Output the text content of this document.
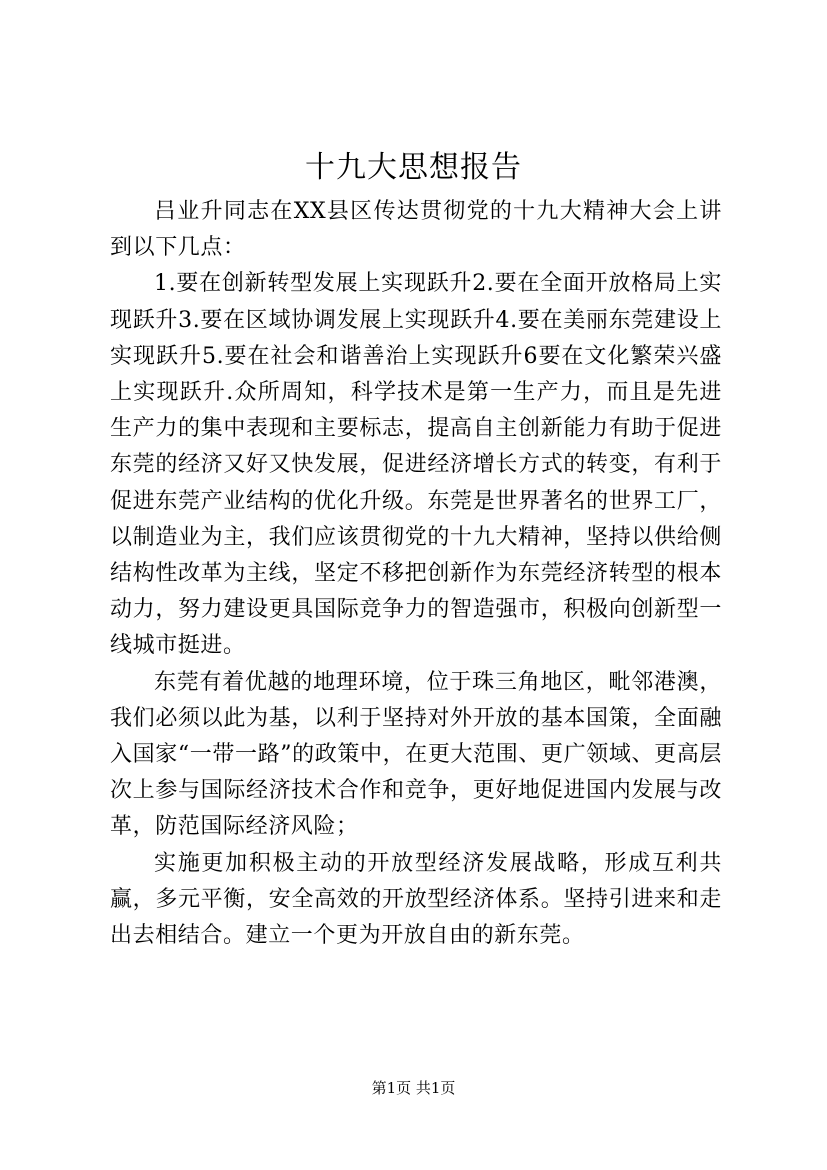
十九大思想报告

吕业升同志在XX县区传达贯彻党的十九大精神大会上讲到以下几点：

1.要在创新转型发展上实现跃升2.要在全面开放格局上实现跃升3.要在区域协调发展上实现跃升4.要在美丽东莞建设上实现跃升5.要在社会和谐善治上实现跃升6要在文化繁荣兴盛上实现跃升.众所周知，科学技术是第一生产力，而且是先进生产力的集中表现和主要标志，提高自主创新能力有助于促进东莞的经济又好又快发展，促进经济增长方式的转变，有利于促进东莞产业结构的优化升级。东莞是世界著名的世界工厂，以制造业为主，我们应该贯彻党的十九大精神，坚持以供给侧结构性改革为主线，坚定不移把创新作为东莞经济转型的根本动力，努力建设更具国际竞争力的智造强市，积极向创新型一线城市挺进。

东莞有着优越的地理环境，位于珠三角地区，毗邻港澳，我们必须以此为基，以利于坚持对外开放的基本国策，全面融入国家“一带一路”的政策中，在更大范围、更广领域、更高层次上参与国际经济技术合作和竞争，更好地促进国内发展与改革，防范国际经济风险；

实施更加积极主动的开放型经济发展战略，形成互利共赢，多元平衡，安全高效的开放型经济体系。坚持引进来和走出去相结合。建立一个更为开放自由的新东莞。

第1页 共1页
